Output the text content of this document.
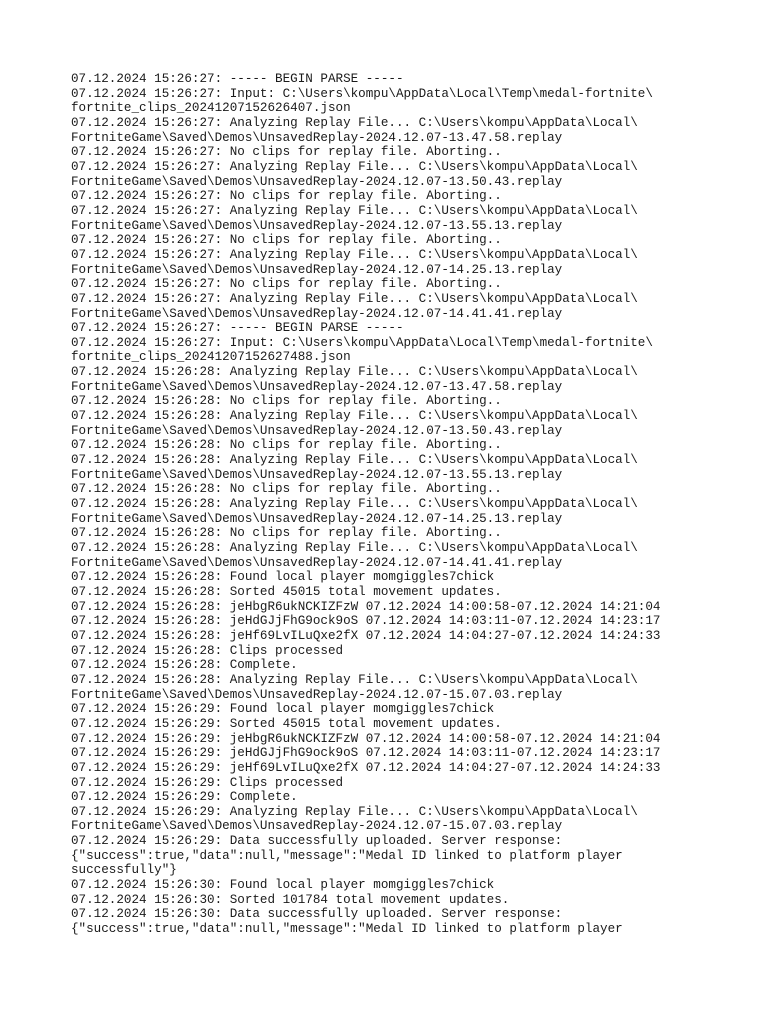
07.12.2024 15:26:27: ----- BEGIN PARSE -----
07.12.2024 15:26:27: Input: C:\Users\kompu\AppData\Local\Temp\medal-fortnite\
fortnite_clips_20241207152626407.json
07.12.2024 15:26:27: Analyzing Replay File... C:\Users\kompu\AppData\Local\
FortniteGame\Saved\Demos\UnsavedReplay-2024.12.07-13.47.58.replay
07.12.2024 15:26:27: No clips for replay file. Aborting..
07.12.2024 15:26:27: Analyzing Replay File... C:\Users\kompu\AppData\Local\
FortniteGame\Saved\Demos\UnsavedReplay-2024.12.07-13.50.43.replay
07.12.2024 15:26:27: No clips for replay file. Aborting..
07.12.2024 15:26:27: Analyzing Replay File... C:\Users\kompu\AppData\Local\
FortniteGame\Saved\Demos\UnsavedReplay-2024.12.07-13.55.13.replay
07.12.2024 15:26:27: No clips for replay file. Aborting..
07.12.2024 15:26:27: Analyzing Replay File... C:\Users\kompu\AppData\Local\
FortniteGame\Saved\Demos\UnsavedReplay-2024.12.07-14.25.13.replay
07.12.2024 15:26:27: No clips for replay file. Aborting..
07.12.2024 15:26:27: Analyzing Replay File... C:\Users\kompu\AppData\Local\
FortniteGame\Saved\Demos\UnsavedReplay-2024.12.07-14.41.41.replay
07.12.2024 15:26:27: ----- BEGIN PARSE -----
07.12.2024 15:26:27: Input: C:\Users\kompu\AppData\Local\Temp\medal-fortnite\
fortnite_clips_20241207152627488.json
07.12.2024 15:26:28: Analyzing Replay File... C:\Users\kompu\AppData\Local\
FortniteGame\Saved\Demos\UnsavedReplay-2024.12.07-13.47.58.replay
07.12.2024 15:26:28: No clips for replay file. Aborting..
07.12.2024 15:26:28: Analyzing Replay File... C:\Users\kompu\AppData\Local\
FortniteGame\Saved\Demos\UnsavedReplay-2024.12.07-13.50.43.replay
07.12.2024 15:26:28: No clips for replay file. Aborting..
07.12.2024 15:26:28: Analyzing Replay File... C:\Users\kompu\AppData\Local\
FortniteGame\Saved\Demos\UnsavedReplay-2024.12.07-13.55.13.replay
07.12.2024 15:26:28: No clips for replay file. Aborting..
07.12.2024 15:26:28: Analyzing Replay File... C:\Users\kompu\AppData\Local\
FortniteGame\Saved\Demos\UnsavedReplay-2024.12.07-14.25.13.replay
07.12.2024 15:26:28: No clips for replay file. Aborting..
07.12.2024 15:26:28: Analyzing Replay File... C:\Users\kompu\AppData\Local\
FortniteGame\Saved\Demos\UnsavedReplay-2024.12.07-14.41.41.replay
07.12.2024 15:26:28: Found local player momgiggles7chick
07.12.2024 15:26:28: Sorted 45015 total movement updates.
07.12.2024 15:26:28: jeHbgR6ukNCKIZFzW 07.12.2024 14:00:58-07.12.2024 14:21:04
07.12.2024 15:26:28: jeHdGJjFhG9ock9oS 07.12.2024 14:03:11-07.12.2024 14:23:17
07.12.2024 15:26:28: jeHf69LvILuQxe2fX 07.12.2024 14:04:27-07.12.2024 14:24:33
07.12.2024 15:26:28: Clips processed
07.12.2024 15:26:28: Complete.
07.12.2024 15:26:28: Analyzing Replay File... C:\Users\kompu\AppData\Local\
FortniteGame\Saved\Demos\UnsavedReplay-2024.12.07-15.07.03.replay
07.12.2024 15:26:29: Found local player momgiggles7chick
07.12.2024 15:26:29: Sorted 45015 total movement updates.
07.12.2024 15:26:29: jeHbgR6ukNCKIZFzW 07.12.2024 14:00:58-07.12.2024 14:21:04
07.12.2024 15:26:29: jeHdGJjFhG9ock9oS 07.12.2024 14:03:11-07.12.2024 14:23:17
07.12.2024 15:26:29: jeHf69LvILuQxe2fX 07.12.2024 14:04:27-07.12.2024 14:24:33
07.12.2024 15:26:29: Clips processed
07.12.2024 15:26:29: Complete.
07.12.2024 15:26:29: Analyzing Replay File... C:\Users\kompu\AppData\Local\
FortniteGame\Saved\Demos\UnsavedReplay-2024.12.07-15.07.03.replay
07.12.2024 15:26:29: Data successfully uploaded. Server response:
{"success":true,"data":null,"message":"Medal ID linked to platform player
successfully"}
07.12.2024 15:26:30: Found local player momgiggles7chick
07.12.2024 15:26:30: Sorted 101784 total movement updates.
07.12.2024 15:26:30: Data successfully uploaded. Server response:
{"success":true,"data":null,"message":"Medal ID linked to platform player
